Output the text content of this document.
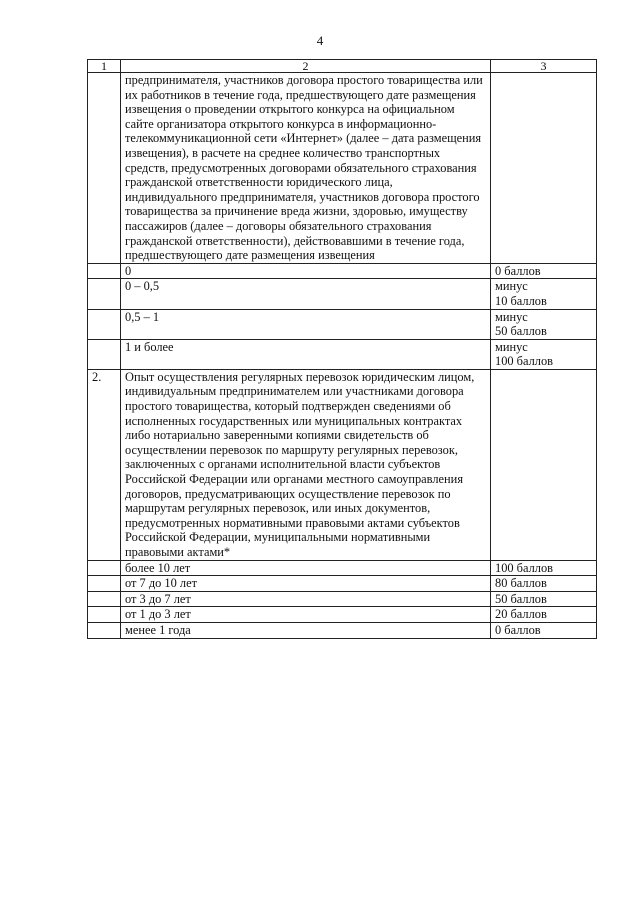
4
1	2	3
	предпринимателя, участников договора простого товарищества или их работников в течение года, предшествующего дате размещения извещения о проведении открытого конкурса на официальном сайте организатора открытого конкурса в информационно-телекоммуникационной сети «Интернет» (далее – дата размещения извещения), в расчете на среднее количество транспортных средств, предусмотренных договорами обязательного страхования гражданской ответственности юридического лица, индивидуального предпринимателя, участников договора простого товарищества за причинение вреда жизни, здоровью, имуществу пассажиров (далее – договоры обязательного страхования гражданской ответственности), действовавшими в течение года, предшествующего дате размещения извещения	
	0	0 баллов

	0 – 0,5	минус
10 баллов

	0,5 – 1	минус
50 баллов

	1 и более	минус
100 баллов

2.	Опыт осуществления регулярных перевозок юридическим лицом, индивидуальным предпринимателем или участниками договора простого товарищества, который подтвержден сведениями об исполненных государственных или муниципальных контрактах либо нотариально заверенными копиями свидетельств об осуществлении перевозок по маршруту регулярных перевозок, заключенных с органами исполнительной власти субъектов Российской Федерации или органами местного самоуправления договоров, предусматривающих осуществление перевозок по маршрутам регулярных перевозок, или иных документов, предусмотренных нормативными правовыми актами субъектов Российской Федерации, муниципальными нормативными правовыми актами*	
	более 10 лет	100 баллов
	от 7 до 10 лет	80 баллов
	от 3 до 7 лет	50 баллов
	от 1 до 3 лет	20 баллов
	менее 1 года	0 баллов
